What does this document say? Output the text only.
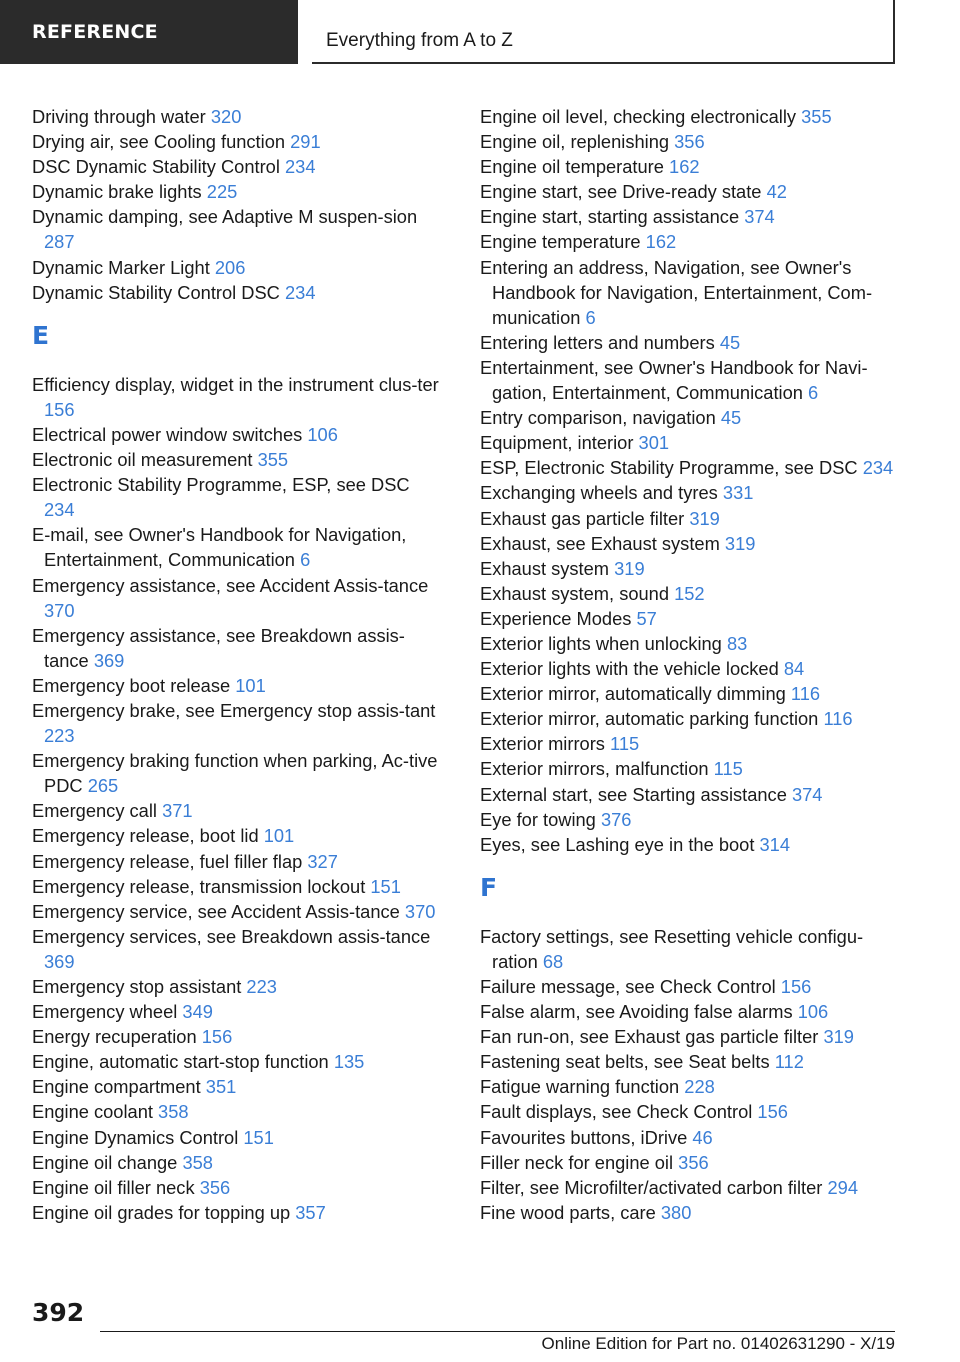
REFERENCE	Everything from A to Z
Driving through water 320
Drying air, see Cooling function 291
DSC Dynamic Stability Control 234
Dynamic brake lights 225
Dynamic damping, see Adaptive M suspen-sion 287
Dynamic Marker Light 206
Dynamic Stability Control DSC 234
E
Efficiency display, widget in the instrument clus-ter 156
Electrical power window switches 106
Electronic oil measurement 355
Electronic Stability Programme, ESP, see DSC 234
E-mail, see Owner's Handbook for Navigation, Entertainment, Communication 6
Emergency assistance, see Accident Assis-tance 370
Emergency assistance, see Breakdown assis-tance 369
Emergency boot release 101
Emergency brake, see Emergency stop assis-tant 223
Emergency braking function when parking, Ac-tive PDC 265
Emergency call 371
Emergency release, boot lid 101
Emergency release, fuel filler flap 327
Emergency release, transmission lockout 151
Emergency service, see Accident Assis-tance 370
Emergency services, see Breakdown assis-tance 369
Emergency stop assistant 223
Emergency wheel 349
Energy recuperation 156
Engine, automatic start-stop function 135
Engine compartment 351
Engine coolant 358
Engine Dynamics Control 151
Engine oil change 358
Engine oil filler neck 356
Engine oil grades for topping up 357
Engine oil level, checking electronically 355
Engine oil, replenishing 356
Engine oil temperature 162
Engine start, see Drive-ready state 42
Engine start, starting assistance 374
Engine temperature 162
Entering an address, Navigation, see Owner's Handbook for Navigation, Entertainment, Com-munication 6
Entering letters and numbers 45
Entertainment, see Owner's Handbook for Navi-gation, Entertainment, Communication 6
Entry comparison, navigation 45
Equipment, interior 301
ESP, Electronic Stability Programme, see DSC 234
Exchanging wheels and tyres 331
Exhaust gas particle filter 319
Exhaust, see Exhaust system 319
Exhaust system 319
Exhaust system, sound 152
Experience Modes 57
Exterior lights when unlocking 83
Exterior lights with the vehicle locked 84
Exterior mirror, automatically dimming 116
Exterior mirror, automatic parking function 116
Exterior mirrors 115
Exterior mirrors, malfunction 115
External start, see Starting assistance 374
Eye for towing 376
Eyes, see Lashing eye in the boot 314
F
Factory settings, see Resetting vehicle configu-ration 68
Failure message, see Check Control 156
False alarm, see Avoiding false alarms 106
Fan run-on, see Exhaust gas particle filter 319
Fastening seat belts, see Seat belts 112
Fatigue warning function 228
Fault displays, see Check Control 156
Favourites buttons, iDrive 46
Filler neck for engine oil 356
Filter, see Microfilter/activated carbon filter 294
Fine wood parts, care 380
392
Online Edition for Part no. 01402631290 - X/19
